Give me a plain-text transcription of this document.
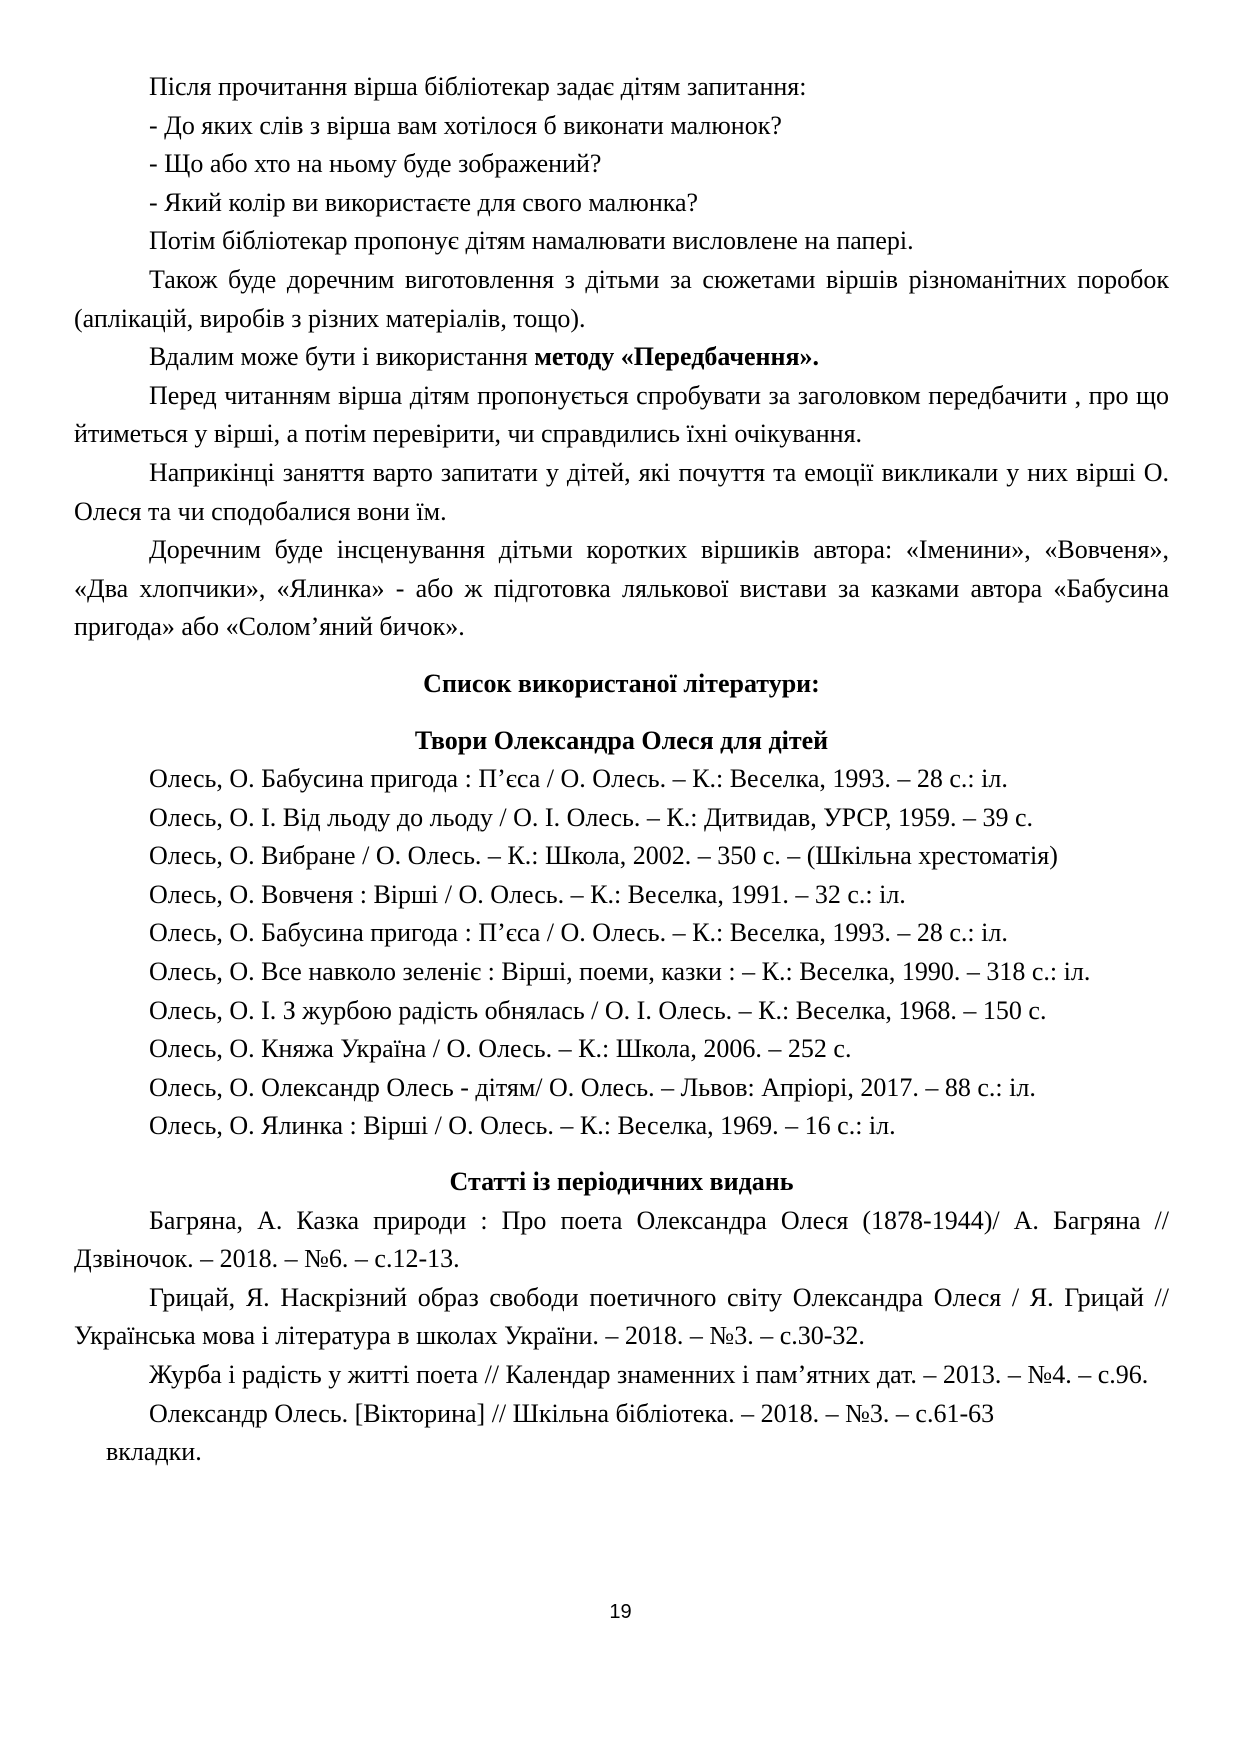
Після прочитання вірша бібліотекар задає дітям запитання:

- До яких слів з вірша вам хотілося б виконати малюнок?

- Що або хто на ньому буде зображений?

- Який колір ви використаєте для свого малюнка?

Потім бібліотекар пропонує дітям намалювати висловлене на папері.

Також буде доречним виготовлення з дітьми за сюжетами віршів різноманітних поробок (аплікацій, виробів з різних матеріалів, тощо).

Вдалим може бути і використання методу «Передбачення».

Перед читанням вірша дітям пропонується спробувати за заголовком передбачити , про що йтиметься у вірші, а потім перевірити, чи справдились їхні очікування.

Наприкінці заняття варто запитати у дітей, які почуття та емоції викликали у них вірші О. Олеся та чи сподобалися вони їм.

Доречним буде інсценування дітьми коротких віршиків автора: «Іменини», «Вовченя», «Два хлопчики», «Ялинка» - або ж підготовка лялькової вистави за казками автора «Бабусина пригода» або «Солом’яний бичок».

Список використаної літератури:

Твори Олександра Олеся для дітей

Олесь, О. Бабусина пригода : П’єса / О. Олесь. – К.: Веселка, 1993. – 28 с.: іл.

Олесь, О. І. Від льоду до льоду / О. І. Олесь. – К.: Дитвидав, УРСР, 1959. – 39 с.

Олесь, О. Вибране / О. Олесь. – К.: Школа, 2002. – 350 с. – (Шкільна хрестоматія)

Олесь, О. Вовченя : Вірші / О. Олесь. – К.: Веселка, 1991. – 32 с.: іл.

Олесь, О. Бабусина пригода : П’єса / О. Олесь. – К.: Веселка, 1993. – 28 с.: іл.

Олесь, О. Все навколо зеленіє : Вірші, поеми, казки : – К.: Веселка, 1990. – 318 с.: іл.

Олесь, О. І. З журбою радість обнялась / О. І. Олесь. – К.: Веселка, 1968. – 150 с.

Олесь, О. Княжа Україна / О. Олесь. – К.: Школа, 2006. – 252 с.

Олесь, О. Олександр Олесь - дітям/ О. Олесь. – Львов: Апріорі, 2017. – 88 с.: іл.

Олесь, О. Ялинка : Вірші / О. Олесь. – К.: Веселка, 1969. – 16 с.: іл.

Статті із періодичних видань

Багряна, А. Казка природи : Про поета Олександра Олеся (1878-1944)/ А. Багряна // Дзвіночок. – 2018. – №6. – с.12-13.

Грицай, Я. Наскрізний образ свободи поетичного світу Олександра Олеся / Я. Грицай // Українська мова і література в школах України. – 2018. – №3. – с.30-32.

Журба і радість у житті поета // Календар знаменних і пам’ятних дат. – 2013. – №4. – с.96.

Олександр Олесь. [Вікторина] // Шкільна бібліотека. – 2018. – №3. – с.61-63
вкладки.

19
